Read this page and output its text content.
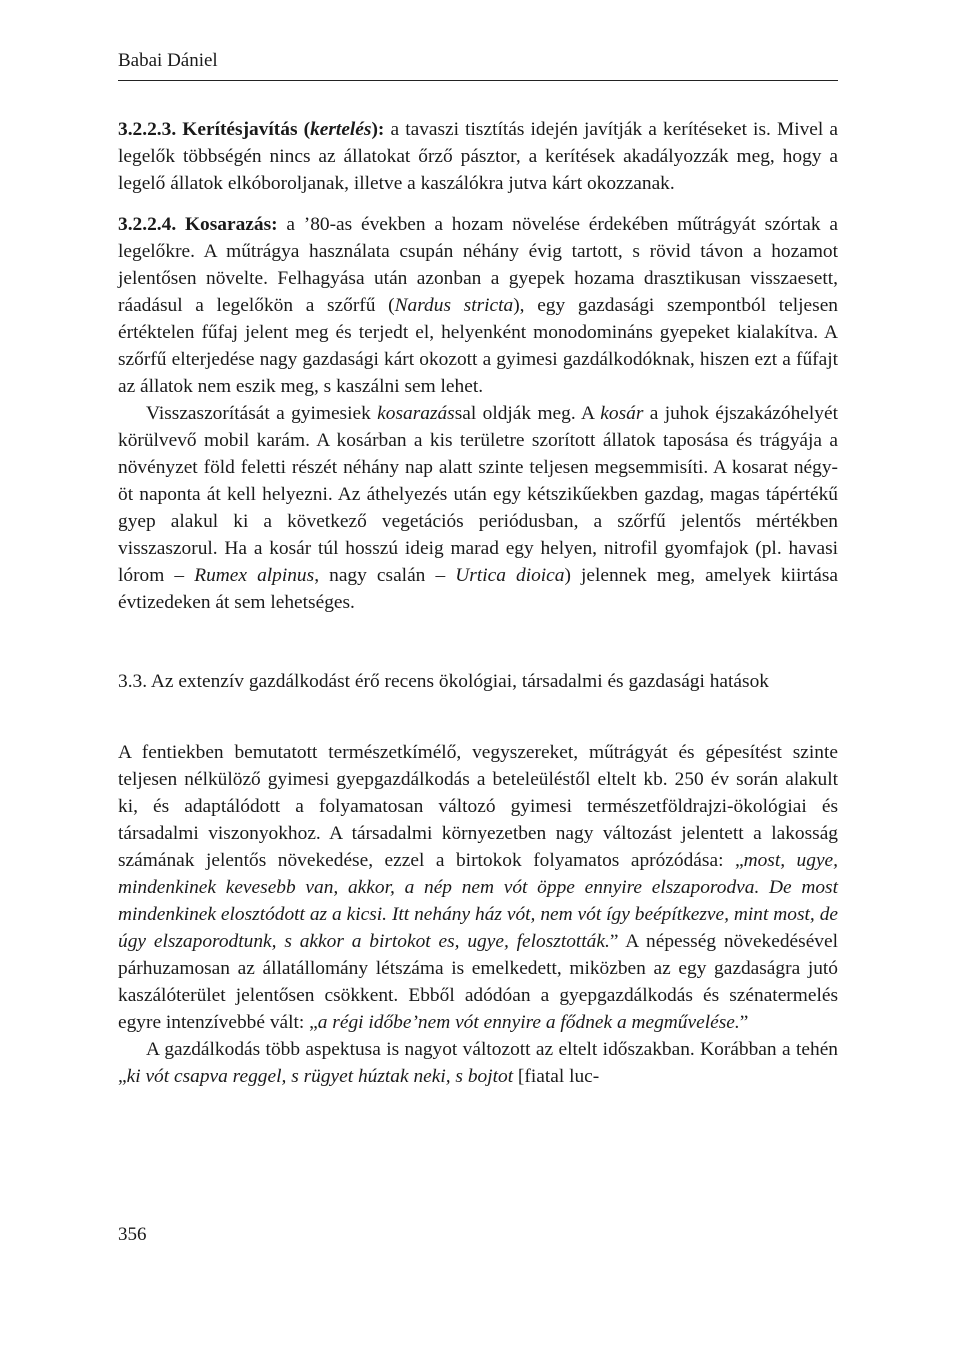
Babai Dániel

3.2.2.3. Kerítésjavítás (kertelés): a tavaszi tisztítás idején javítják a kerítéseket is. Mivel a legelők többségén nincs az állatokat őrző pásztor, a kerítések akadályozzák meg, hogy a legelő állatok elkóboroljanak, illetve a kaszálókra jutva kárt okozzanak.

3.2.2.4. Kosarazás: a ’80-as években a hozam növelése érdekében műtrágyát szórtak a legelőkre. A műtrágya használata csupán néhány évig tartott, s rövid távon a hozamot jelentősen növelte. Felhagyása után azonban a gyepek hozama drasztikusan visszaesett, ráadásul a legelőkön a szőrfű (Nardus stricta), egy gazdasági szempontból teljesen értéktelen fűfaj jelent meg és terjedt el, helyenként monodomináns gyepeket kialakítva. A szőrfű elterjedése nagy gazdasági kárt okozott a gyimesi gazdálkodóknak, hiszen ezt a fűfajt az állatok nem eszik meg, s kaszálni sem lehet.

Visszaszorítását a gyimesiek kosarazással oldják meg. A kosár a juhok éjszakázóhelyét körülvevő mobil karám. A kosárban a kis területre szorított állatok taposása és trágyája a növényzet föld feletti részét néhány nap alatt szinte teljesen megsemmisíti. A kosarat négy-öt naponta át kell helyezni. Az áthelyezés után egy kétszikűekben gazdag, magas tápértékű gyep alakul ki a következő vegetációs periódusban, a szőrfű jelentős mértékben visszaszorul. Ha a kosár túl hosszú ideig marad egy helyen, nitrofil gyomfajok (pl. havasi lórom – Rumex alpinus, nagy csalán – Urtica dioica) jelennek meg, amelyek kiirtása évtizedeken át sem lehetséges.

3.3. Az extenzív gazdálkodást érő recens ökológiai, társadalmi és gazdasági hatások

A fentiekben bemutatott természetkímélő, vegyszereket, műtrágyát és gépesítést szinte teljesen nélkülöző gyimesi gyepgazdálkodás a beteleüléstől eltelt kb. 250 év során alakult ki, és adaptálódott a folyamatosan változó gyimesi természetföldrajzi-ökológiai és társadalmi viszonyokhoz. A társadalmi környezetben nagy változást jelentett a lakosság számának jelentős növekedése, ezzel a birtokok folyamatos aprózódása: „most, ugye, mindenkinek kevesebb van, akkor, a nép nem vót öppe ennyire elszaporodva. De most mindenkinek elosztódott az a kicsi. Itt nehány ház vót, nem vót így beépítkezve, mint most, de úgy elszaporodtunk, s akkor a birtokot es, ugye, felosztották.” A népesség növekedésével párhuzamosan az állatállomány létszáma is emelkedett, miközben az egy gazdaságra jutó kaszálóterület jelentősen csökkent. Ebből adódóan a gyepgazdálkodás és szénatermelés egyre intenzívebbé vált: „a régi időbe’nem vót ennyire a fődnek a megművelése.”

A gazdálkodás több aspektusa is nagyot változott az eltelt időszakban. Korábban a tehén „ki vót csapva reggel, s rügyet húztak neki, s bojtot [fiatal luc-

356
